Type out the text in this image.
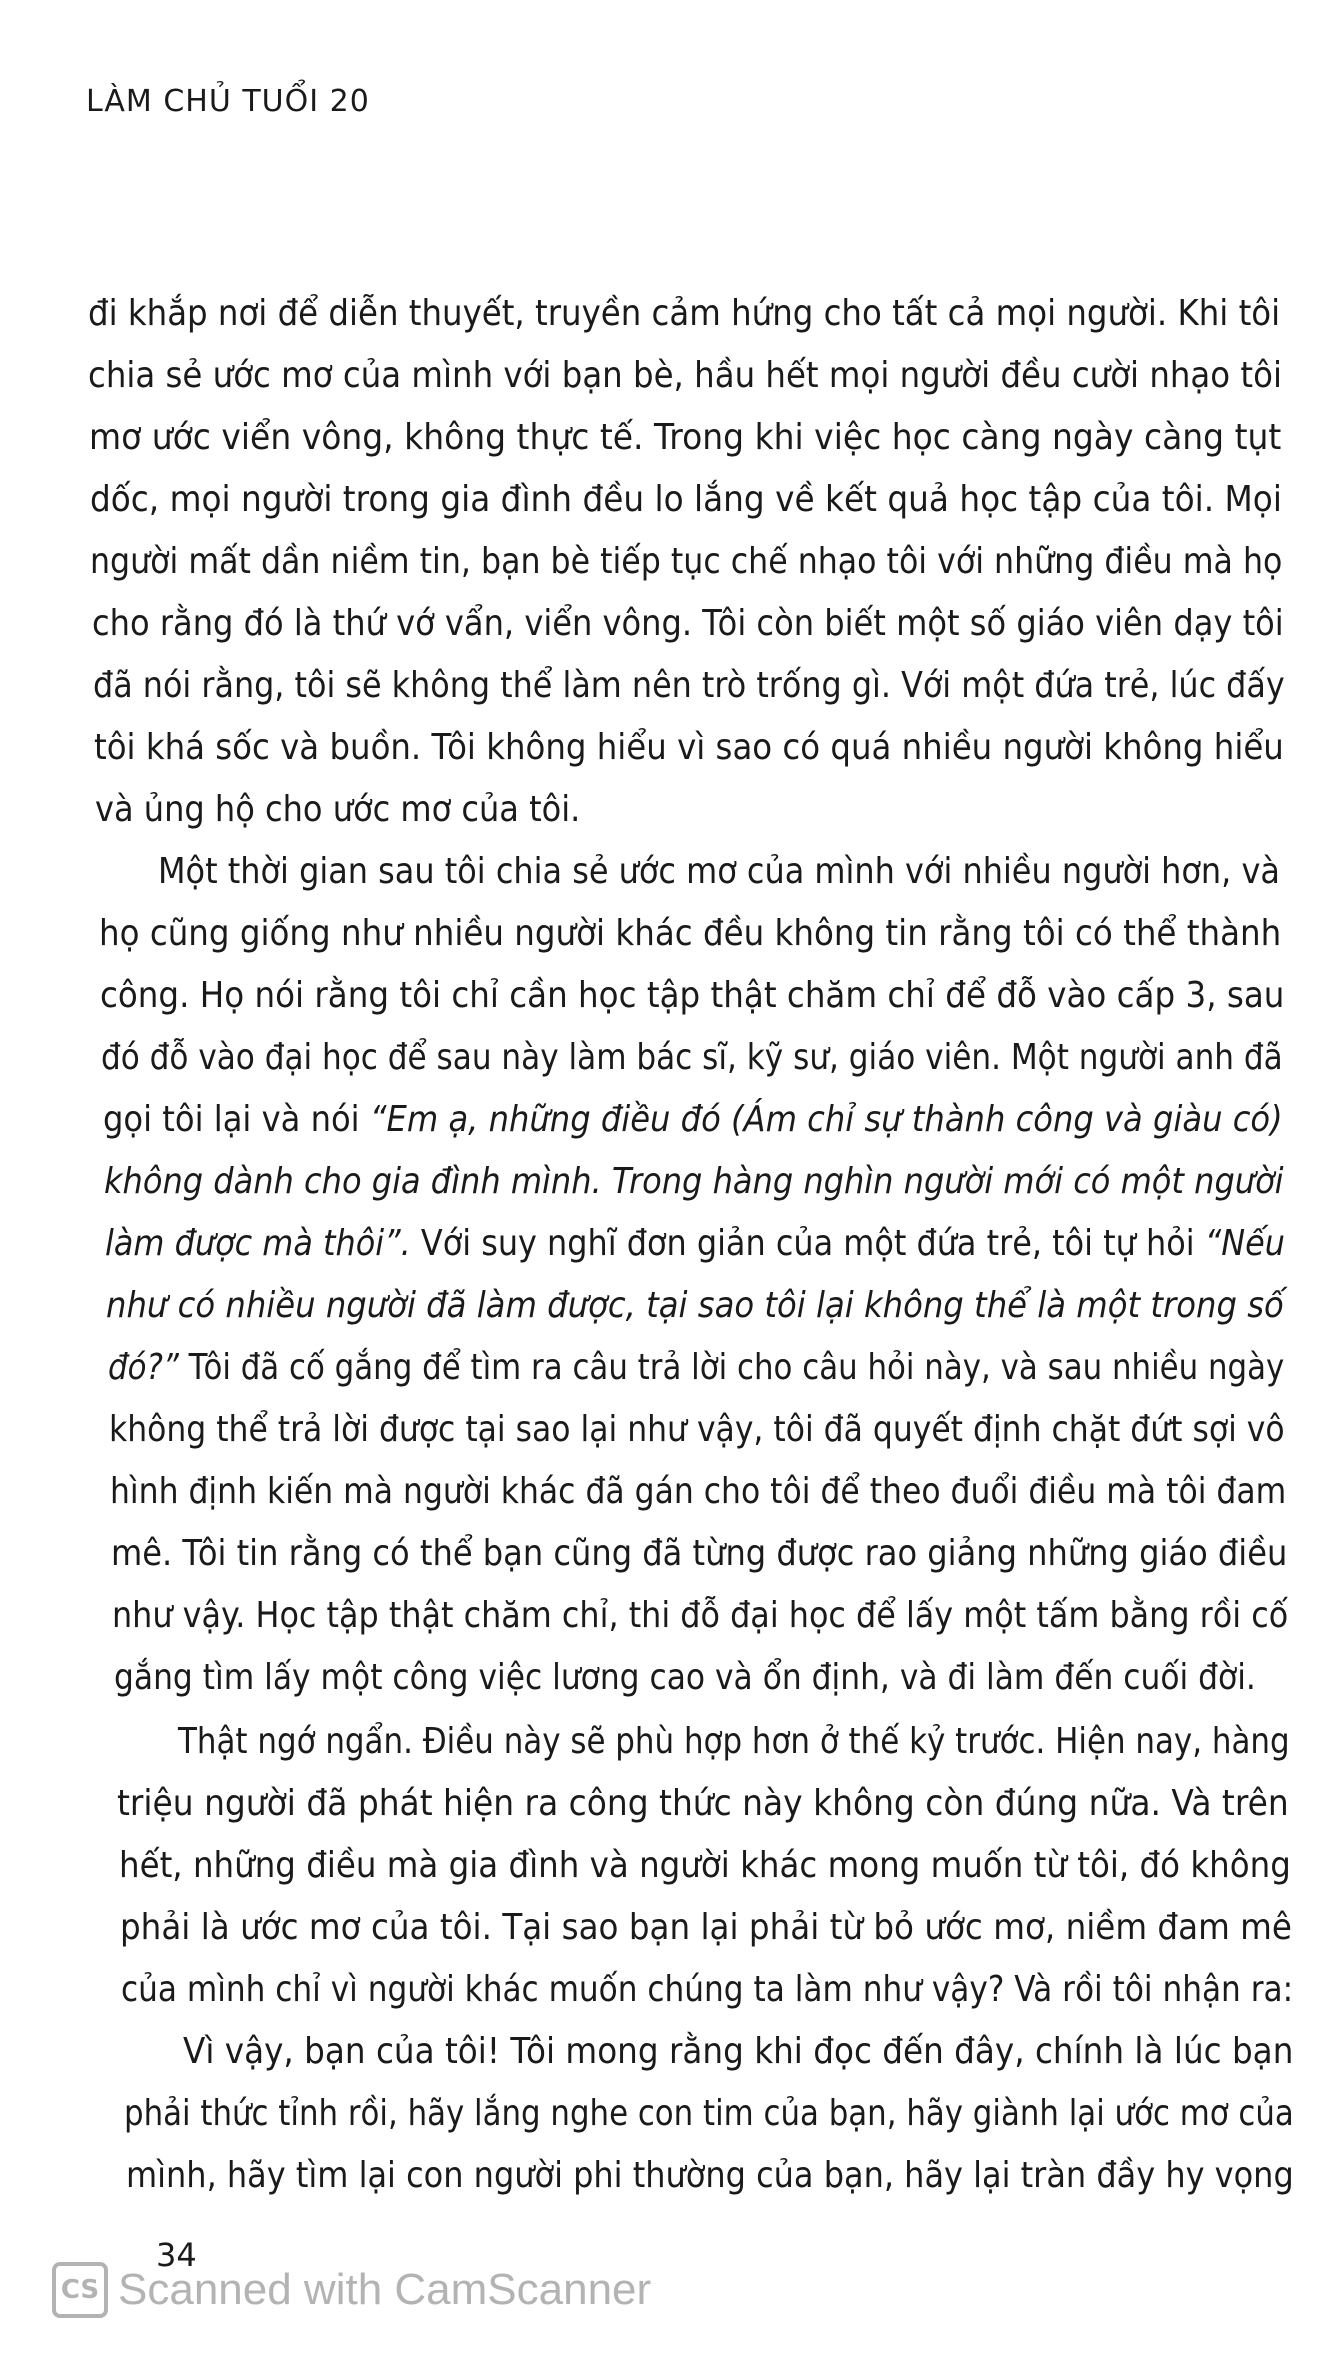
LÀM CHỦ TUỔI 20
đi khắp nơi để diễn thuyết, truyền cảm hứng cho tất cả mọi người. Khi tôi
chia sẻ ước mơ của mình với bạn bè, hầu hết mọi người đều cười nhạo tôi
mơ ước viển vông, không thực tế. Trong khi việc học càng ngày càng tụt
dốc, mọi người trong gia đình đều lo lắng về kết quả học tập của tôi. Mọi
người mất dần niềm tin, bạn bè tiếp tục chế nhạo tôi với những điều mà họ
cho rằng đó là thứ vớ vẩn, viển vông. Tôi còn biết một số giáo viên dạy tôi
đã nói rằng, tôi sẽ không thể làm nên trò trống gì. Với một đứa trẻ, lúc đấy
tôi khá sốc và buồn. Tôi không hiểu vì sao có quá nhiều người không hiểu
và ủng hộ cho ước mơ của tôi.
Một thời gian sau tôi chia sẻ ước mơ của mình với nhiều người hơn, và
họ cũng giống như nhiều người khác đều không tin rằng tôi có thể thành
công. Họ nói rằng tôi chỉ cần học tập thật chăm chỉ để đỗ vào cấp 3, sau
đó đỗ vào đại học để sau này làm bác sĩ, kỹ sư, giáo viên. Một người anh đã
gọi tôi lại và nói “Em ạ, những điều đó (Ám chỉ sự thành công và giàu có)
không dành cho gia đình mình. Trong hàng nghìn người mới có một người
làm được mà thôi”. Với suy nghĩ đơn giản của một đứa trẻ, tôi tự hỏi “Nếu
như có nhiều người đã làm được, tại sao tôi lại không thể là một trong số
đó?” Tôi đã cố gắng để tìm ra câu trả lời cho câu hỏi này, và sau nhiều ngày
không thể trả lời được tại sao lại như vậy, tôi đã quyết định chặt đứt sợi vô
hình định kiến mà người khác đã gán cho tôi để theo đuổi điều mà tôi đam
mê. Tôi tin rằng có thể bạn cũng đã từng được rao giảng những giáo điều
như vậy. Học tập thật chăm chỉ, thi đỗ đại học để lấy một tấm bằng rồi cố
gắng tìm lấy một công việc lương cao và ổn định, và đi làm đến cuối đời.
Thật ngớ ngẩn. Điều này sẽ phù hợp hơn ở thế kỷ trước. Hiện nay, hàng
triệu người đã phát hiện ra công thức này không còn đúng nữa. Và trên
hết, những điều mà gia đình và người khác mong muốn từ tôi, đó không
phải là ước mơ của tôi. Tại sao bạn lại phải từ bỏ ước mơ, niềm đam mê
của mình chỉ vì người khác muốn chúng ta làm như vậy? Và rồi tôi nhận ra:
Vì vậy, bạn của tôi! Tôi mong rằng khi đọc đến đây, chính là lúc bạn
phải thức tỉnh rồi, hãy lắng nghe con tim của bạn, hãy giành lại ước mơ của
mình, hãy tìm lại con người phi thường của bạn, hãy lại tràn đầy hy vọng
34
CS Scanned with CamScanner
